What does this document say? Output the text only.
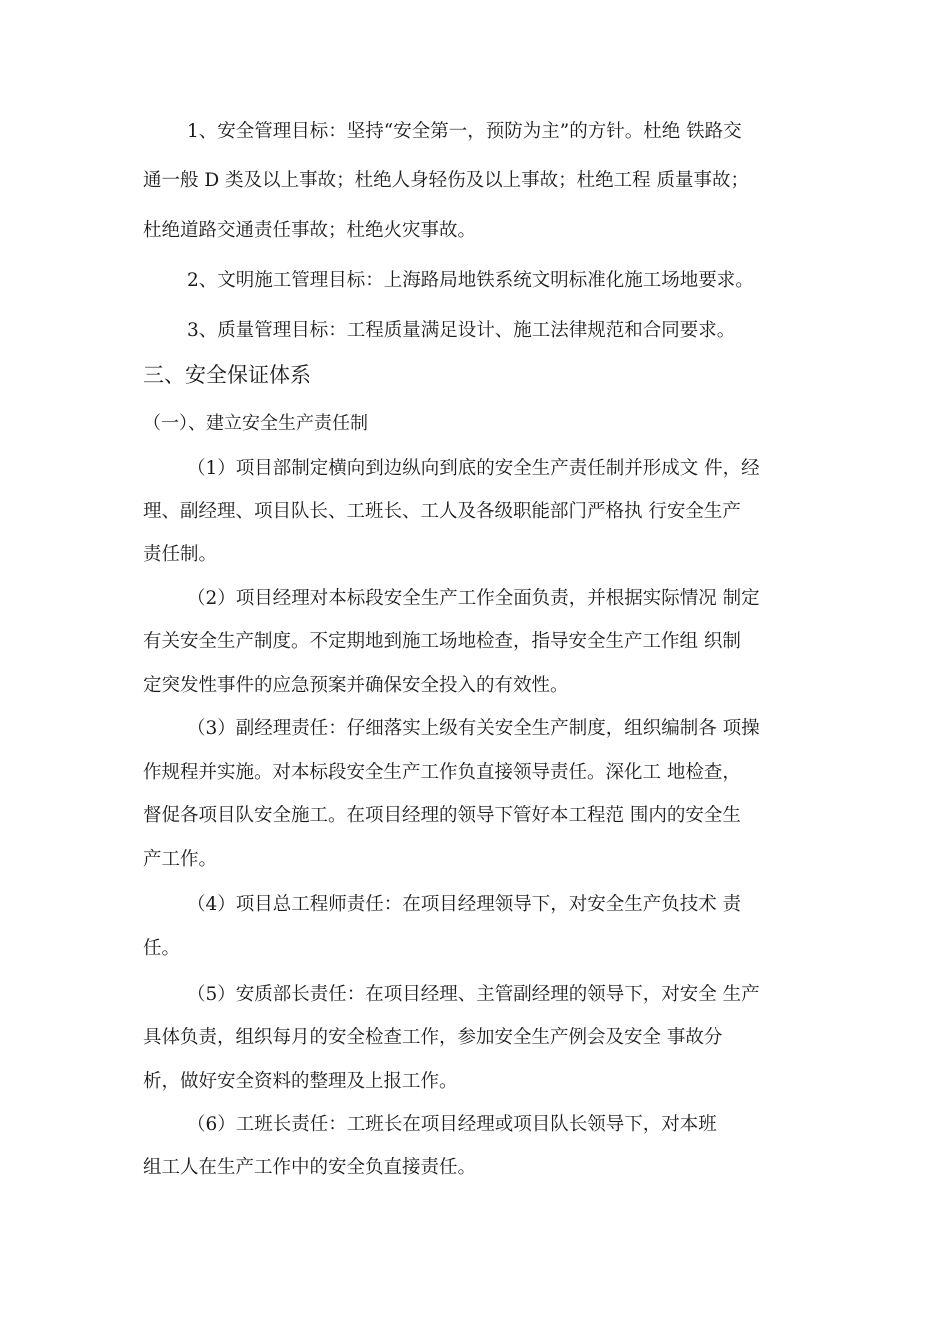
1、安全管理目标：坚持“安全第一，预防为主”的方针。杜绝 铁路交
通一般 D 类及以上事故；杜绝人身轻伤及以上事故；杜绝工程 质量事故；
杜绝道路交通责任事故；杜绝火灾事故。
2、文明施工管理目标：上海路局地铁系统文明标准化施工场地要求。
3、质量管理目标：工程质量满足设计、施工法律规范和合同要求。
三、安全保证体系
（一）、建立安全生产责任制
（1）项目部制定横向到边纵向到底的安全生产责任制并形成文 件，经
理、副经理、项目队长、工班长、工人及各级职能部门严格执 行安全生产
责任制。
（2）项目经理对本标段安全生产工作全面负责，并根据实际情况 制定
有关安全生产制度。不定期地到施工场地检查，指导安全生产工作组 织制
定突发性事件的应急预案并确保安全投入的有效性。
（3）副经理责任：仔细落实上级有关安全生产制度，组织编制各 项操
作规程并实施。对本标段安全生产工作负直接领导责任。深化工 地检查，
督促各项目队安全施工。在项目经理的领导下管好本工程范 围内的安全生
产工作。
（4）项目总工程师责任：在项目经理领导下，对安全生产负技术 责
任。
（5）安质部长责任：在项目经理、主管副经理的领导下，对安全 生产
具体负责，组织每月的安全检查工作，参加安全生产例会及安全 事故分
析，做好安全资料的整理及上报工作。
（6）工班长责任：工班长在项目经理或项目队长领导下，对本班
组工人在生产工作中的安全负直接责任。
